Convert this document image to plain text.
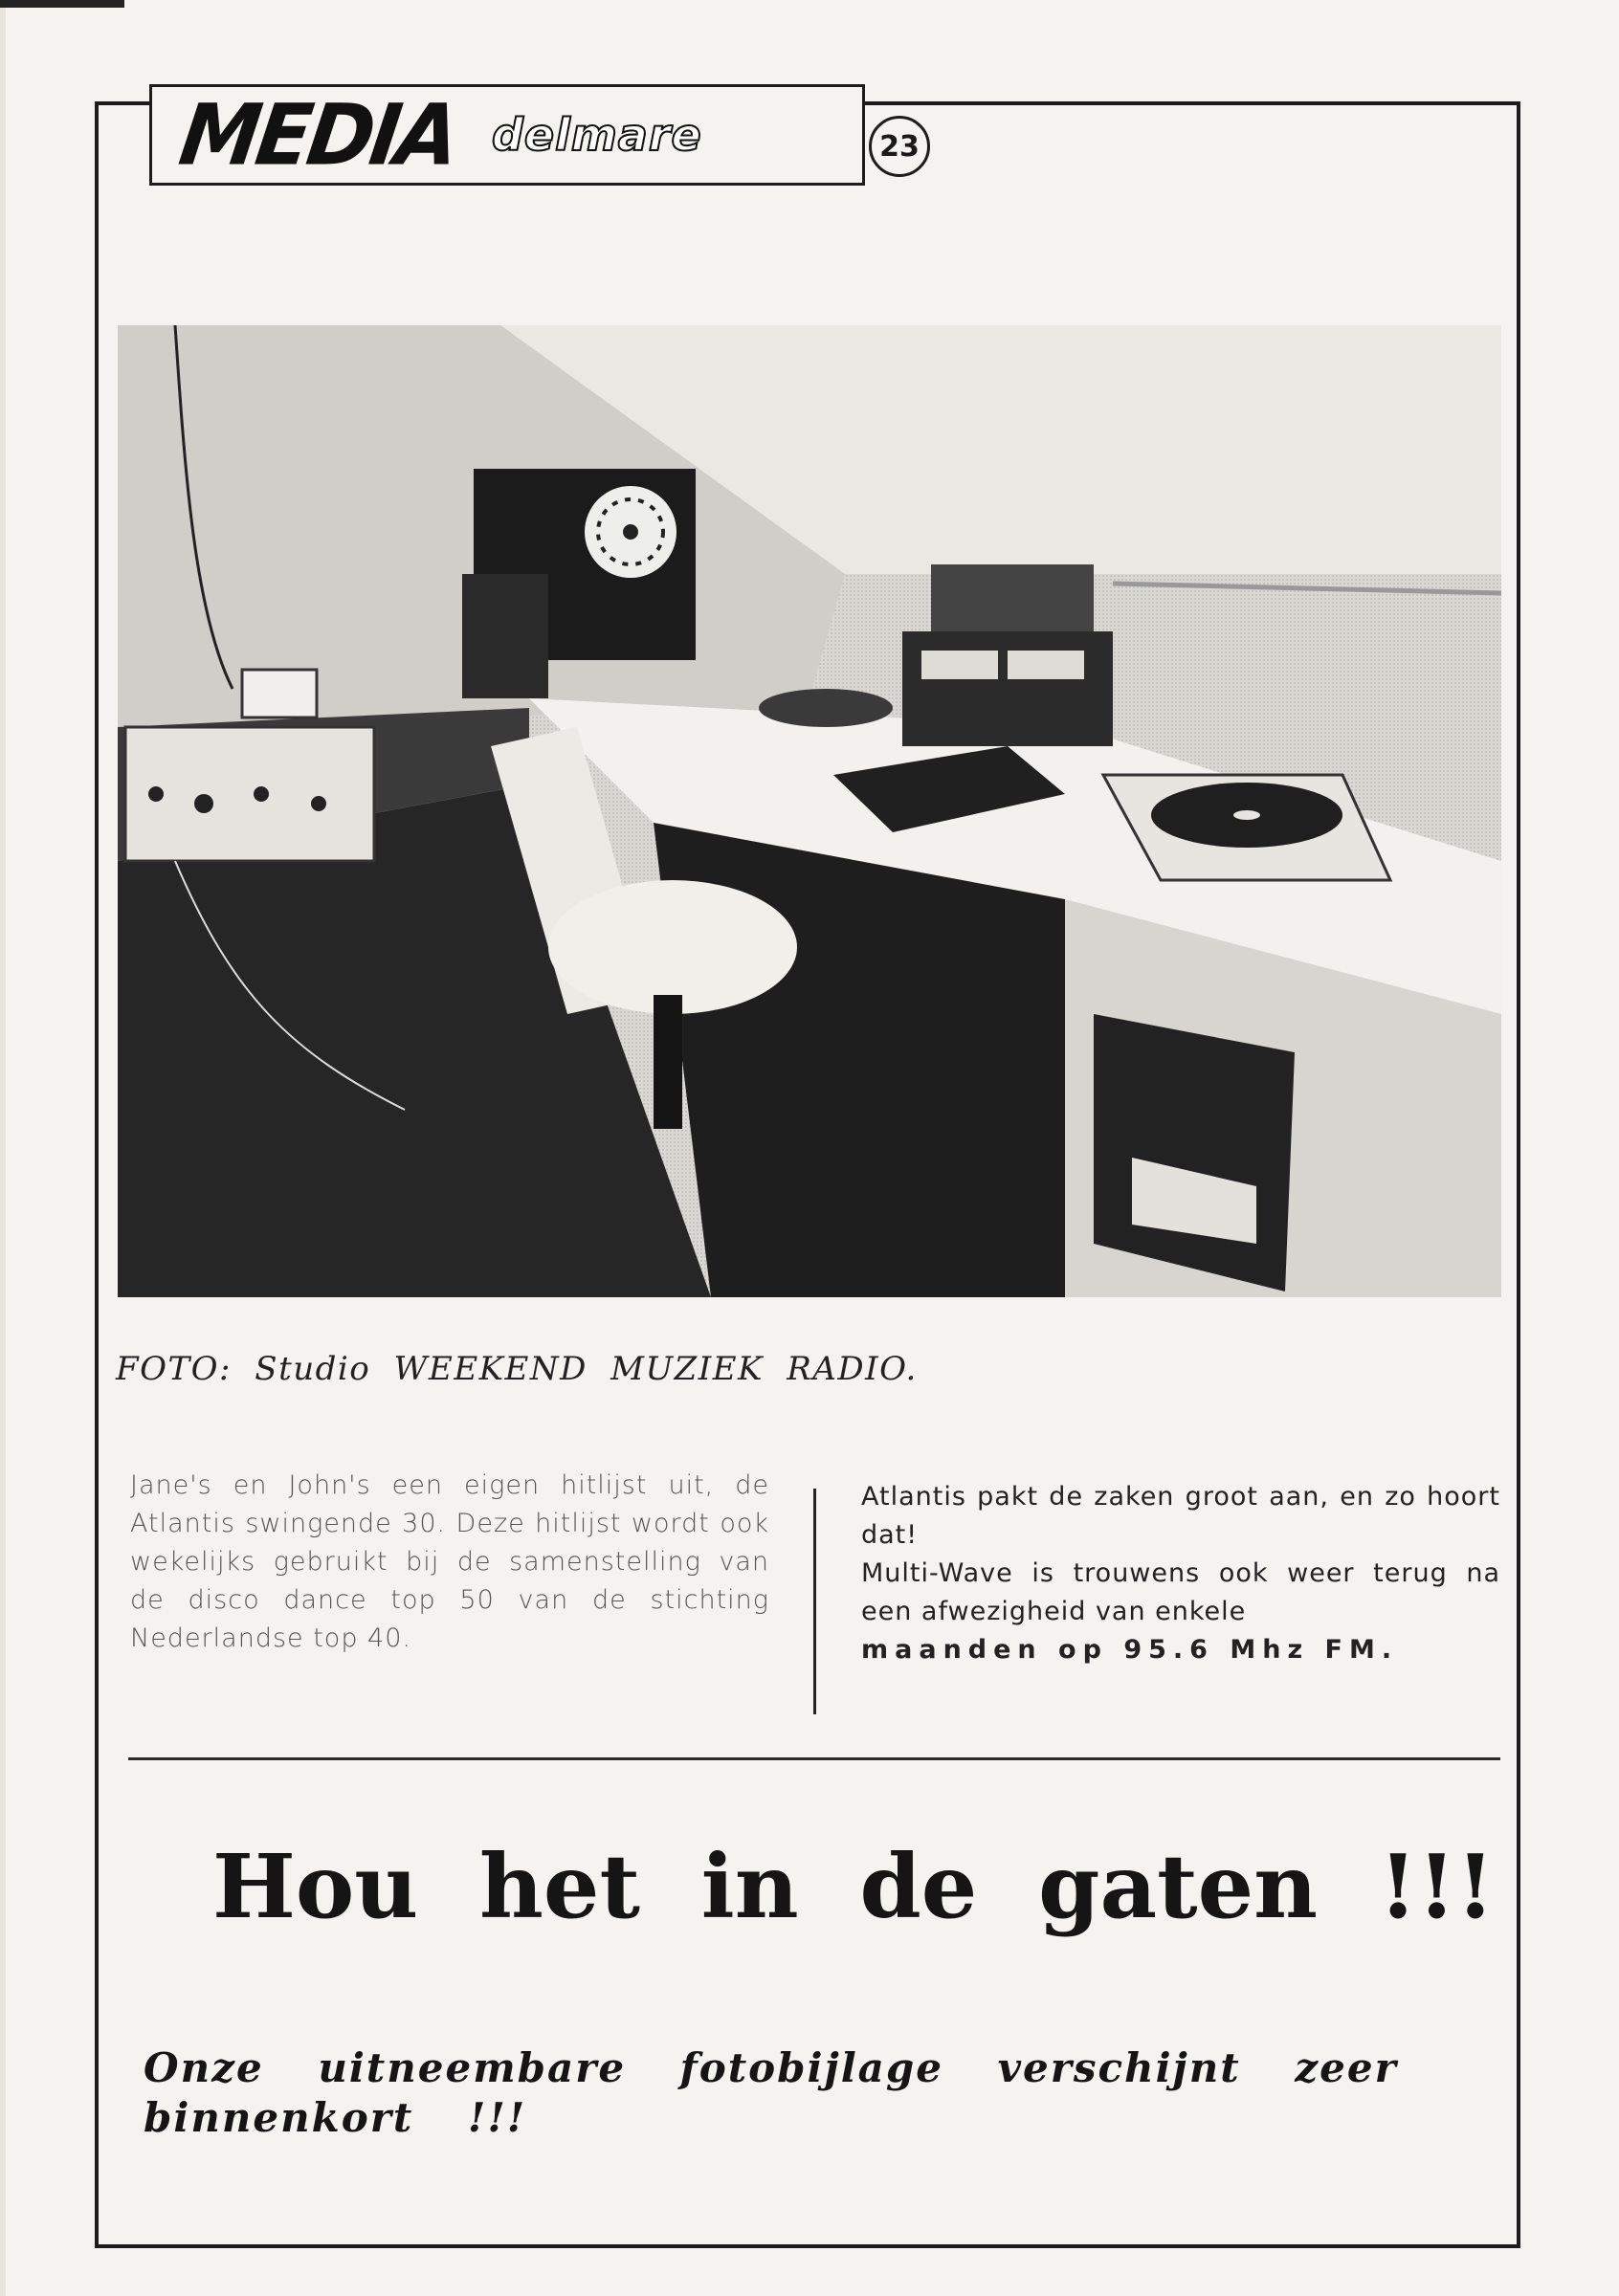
MEDIA delmare	23
FOTO: Studio WEEKEND MUZIEK RADIO.

Jane's en John's een eigen hitlijst uit, de Atlantis swingende 30. Deze hitlijst wordt ook wekelijks gebruikt bij de samenstelling van de disco dance top 50 van de stichting Nederlandse top 40.

Atlantis pakt de zaken groot aan, en zo hoort dat!

Multi-Wave is trouwens ook weer terug na een afwezigheid van enkele

maanden op 95.6 Mhz FM.

Hou het in de gaten !!!
Onze uitneembare fotobijlage verschijnt zeer binnenkort !!!
